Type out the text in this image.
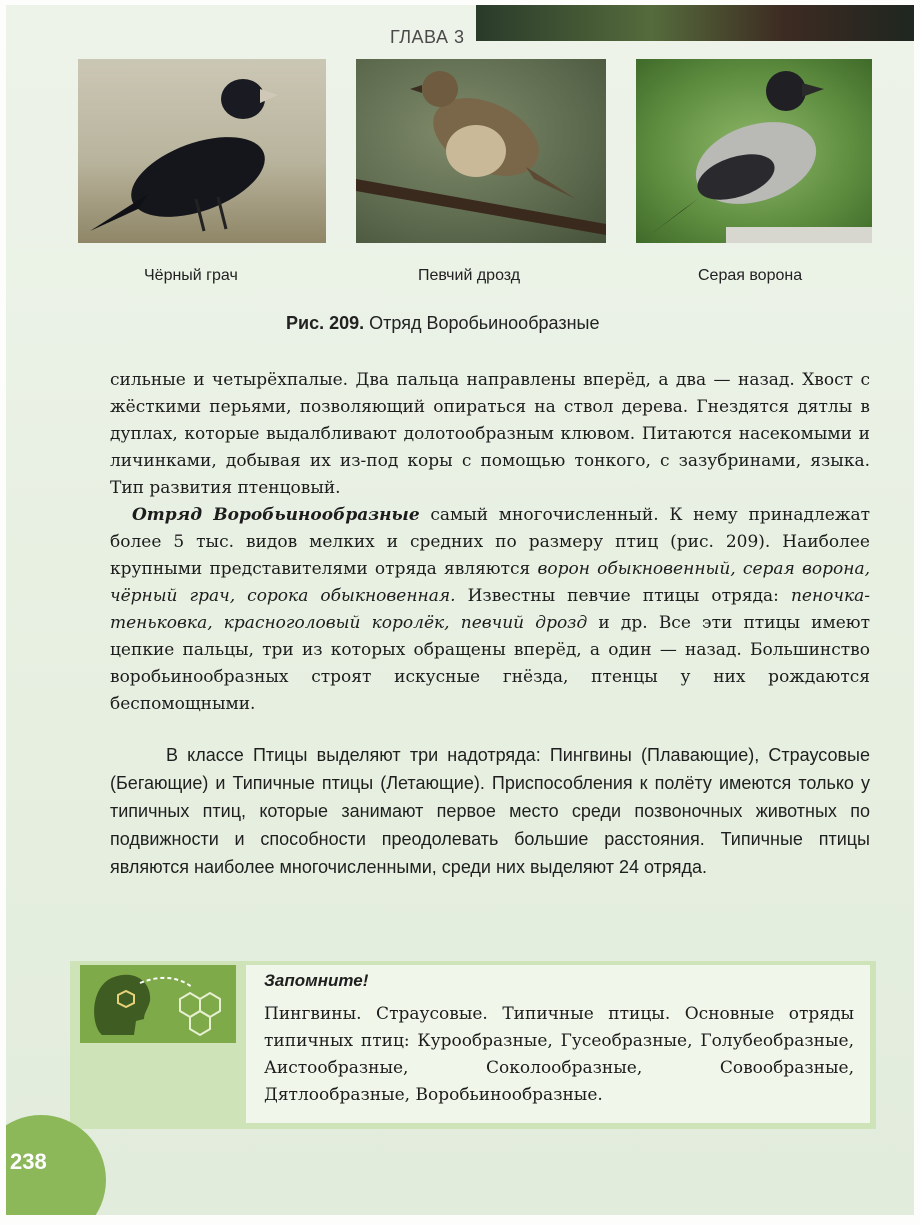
ГЛАВА 3
Чёрный грач	Певчий дрозд	Серая ворона
Рис. 209. Отряд Воробьинообразные

сильные и четырёхпалые. Два пальца направлены вперёд, а два — назад. Хвост с жёсткими перьями, позволяющий опираться на ствол дерева. Гнездятся дятлы в дуплах, которые выдалбливают долотообразным клювом. Питаются насекомыми и личинками, добывая их из-под коры с помощью тонкого, с зазубринами, языка. Тип развития птенцовый.

Отряд Воробьинообразные самый многочисленный. К нему принадлежат более 5 тыс. видов мелких и средних по размеру птиц (рис. 209). Наиболее крупными представителями отряда являются ворон обыкновенный, серая ворона, чёрный грач, сорока обыкновенная. Известны певчие птицы отряда: пеночка-теньковка, красноголовый королёк, певчий дрозд и др. Все эти птицы имеют цепкие пальцы, три из которых обращены вперёд, а один — назад. Большинство воробьинообразных строят искусные гнёзда, птенцы у них рождаются беспомощными.

В классе Птицы выделяют три надотряда: Пингвины (Плавающие), Страусовые (Бегающие) и Типичные птицы (Летающие). Приспособления к полёту имеются только у типичных птиц, которые занимают первое место среди позвоночных животных по подвижности и способности преодолевать большие расстояния. Типичные птицы являются наиболее многочисленными, среди них выделяют 24 отряда.

Запомните!
Пингвины. Страусовые. Типичные птицы. Основные отряды типичных птиц: Курообразные, Гусеобразные, Голубеобразные, Аистообразные, Соколообразные, Совообразные, Дятлообразные, Воробьинообразные.
238
